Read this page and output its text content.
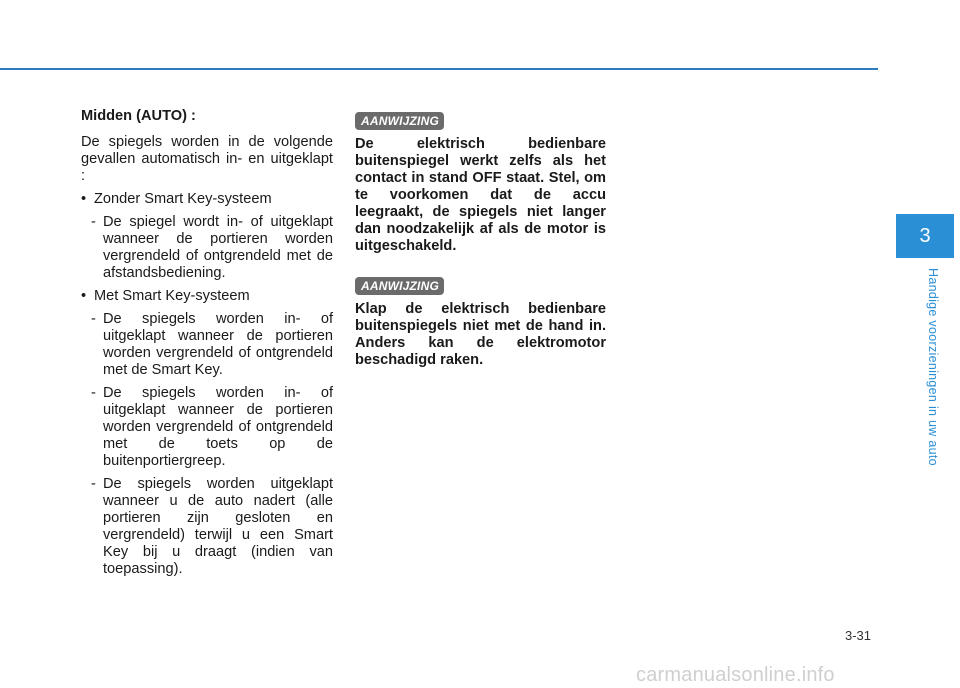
Midden (AUTO) :

De spiegels worden in de volgende gevallen automatisch in- en uitgeklapt :

• Zonder Smart Key-systeem

- De spiegel wordt in- of uitgeklapt wanneer de portieren worden vergrendeld of ontgrendeld met de afstandsbediening.

• Met Smart Key-systeem

- De spiegels worden in- of uitgeklapt wanneer de portieren worden vergrendeld of ontgrendeld met de Smart Key.

- De spiegels worden in- of uitgeklapt wanneer de portieren worden vergrendeld of ontgrendeld met de toets op de buitenportiergreep.

- De spiegels worden uitgeklapt wanneer u de auto nadert (alle portieren zijn gesloten en vergrendeld) terwijl u een Smart Key bij u draagt (indien van toepassing).

AANWIJZING

De elektrisch bedienbare buitenspiegel werkt zelfs als het contact in stand OFF staat. Stel, om te voorkomen dat de accu leegraakt, de spiegels niet langer dan noodzakelijk af als de motor is uitgeschakeld.

AANWIJZING

Klap de elektrisch bedienbare buitenspiegels niet met de hand in. Anders kan de elektromotor beschadigd raken.

3
Handige voorzieningen in uw auto
3-31
carmanualsonline.info
